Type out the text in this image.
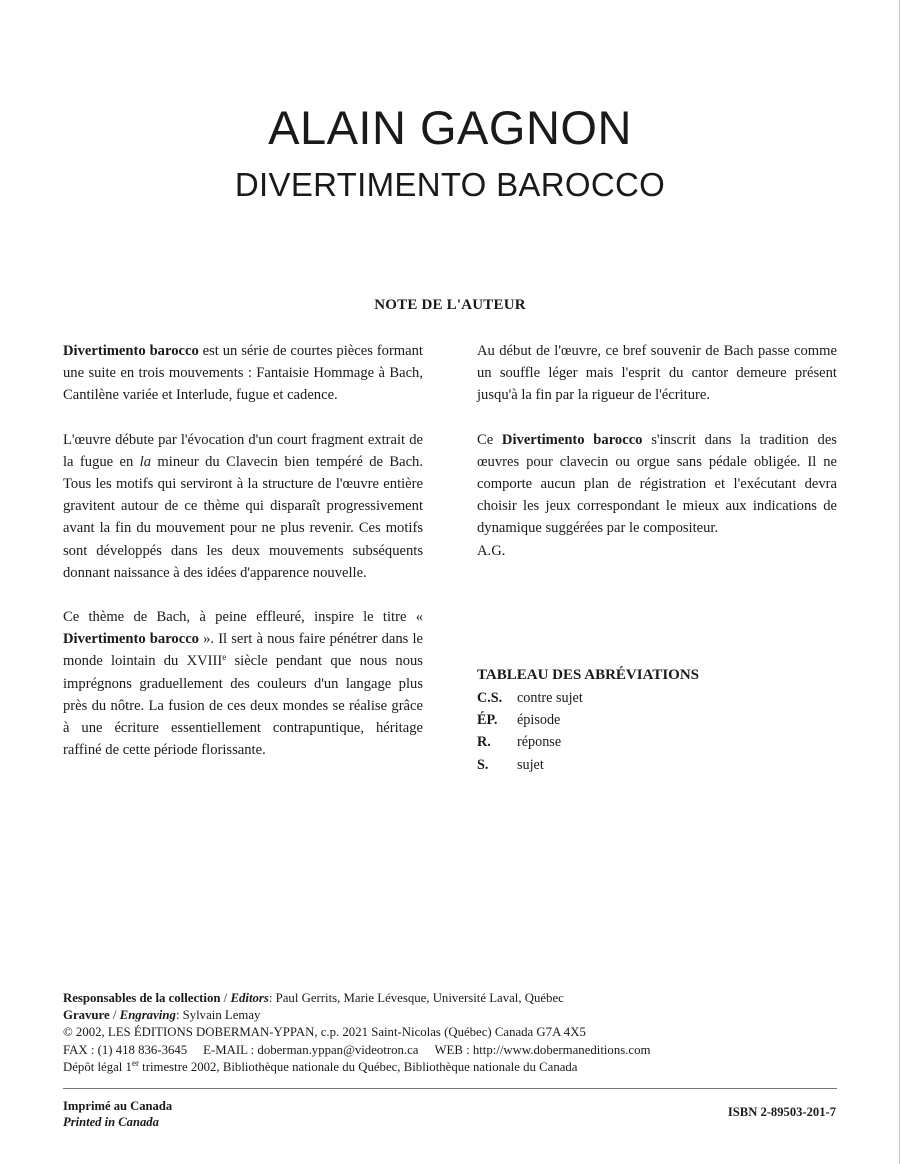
ALAIN GAGNON
DIVERTIMENTO BAROCCO
NOTE DE L'AUTEUR

Divertimento barocco est un série de courtes pièces formant une suite en trois mouvements : Fantaisie Hommage à Bach, Cantilène variée et Interlude, fugue et cadence.

L'œuvre débute par l'évocation d'un court fragment extrait de la fugue en la mineur du Clavecin bien tempéré de Bach. Tous les motifs qui serviront à la structure de l'œuvre entière gravitent autour de ce thème qui disparaît progressivement avant la fin du mouvement pour ne plus revenir. Ces motifs sont développés dans les deux mouvements subséquents donnant naissance à des idées d'apparence nouvelle.

Ce thème de Bach, à peine effleuré, inspire le titre « Divertimento barocco ». Il sert à nous faire pénétrer dans le monde lointain du XVIIIe siècle pendant que nous nous imprégnons graduellement des couleurs d'un langage plus près du nôtre. La fusion de ces deux mondes se réalise grâce à une écriture essentiellement contrapuntique, héritage raffiné de cette période florissante.

Au début de l'œuvre, ce bref souvenir de Bach passe comme un souffle léger mais l'esprit du cantor demeure présent jusqu'à la fin par la rigueur de l'écriture.

Ce Divertimento barocco s'inscrit dans la tradition des œuvres pour clavecin ou orgue sans pédale obligée. Il ne comporte aucun plan de régistration et l'exécutant devra choisir les jeux correspondant le mieux aux indications de dynamique suggérées par le compositeur.

A.G.

TABLEAU DES ABRÉVIATIONS
C.S. contre sujet
ÉP. épisode
R. réponse
S. sujet
Responsables de la collection / Editors: Paul Gerrits, Marie Lévesque, Université Laval, Québec
Gravure / Engraving: Sylvain Lemay
© 2002, LES ÉDITIONS DOBERMAN-YPPAN, c.p. 2021 Saint-Nicolas (Québec) Canada G7A 4X5
FAX : (1) 418 836-3645 E-MAIL : doberman.yppan@videotron.ca WEB : http://www.dobermaneditions.com
Dépôt légal 1er trimestre 2002, Bibliothèque nationale du Québec, Bibliothèque nationale du Canada
Imprimé au Canada
Printed in Canada
ISBN 2-89503-201-7
